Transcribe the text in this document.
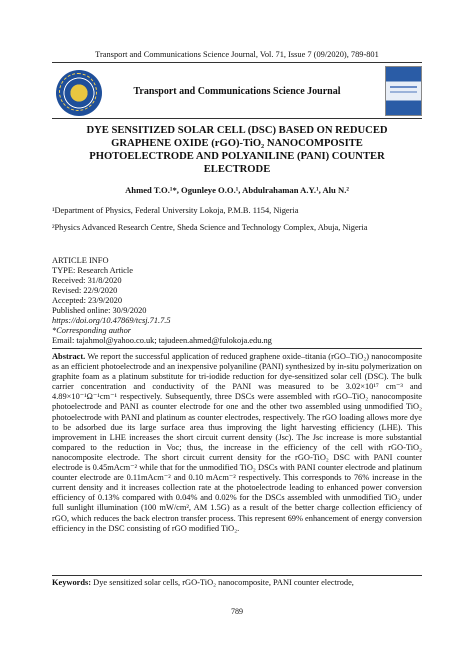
Transport and Communications Science Journal, Vol. 71, Issue 7 (09/2020), 789-801
Transport and Communications Science Journal
DYE SENSITIZED SOLAR CELL (DSC) BASED ON REDUCED GRAPHENE OXIDE (rGO)-TiO₂ NANOCOMPOSITE PHOTOELECTRODE AND POLYANILINE (PANI) COUNTER ELECTRODE
Ahmed T.O.¹*, Ogunleye O.O.¹, Abdulrahaman A.Y.¹, Alu N.²
¹Department of Physics, Federal University Lokoja, P.M.B. 1154, Nigeria
²Physics Advanced Research Centre, Sheda Science and Technology Complex, Abuja, Nigeria
ARTICLE INFO
TYPE: Research Article
Received: 31/8/2020
Revised: 22/9/2020
Accepted: 23/9/2020
Published online: 30/9/2020
https://doi.org/10.47869/tcsj.71.7.5
*Corresponding author
Email: tajahmol@yahoo.co.uk; tajudeen.ahmed@fulokoja.edu.ng
Abstract. We report the successful application of reduced graphene oxide–titania (rGO–TiO₂) nanocomposite as an efficient photoelectrode and an inexpensive polyaniline (PANI) synthesized by in-situ polymerization on graphite foam as a platinum substitute for tri-iodide reduction for dye-sensitized solar cell (DSC). The bulk carrier concentration and conductivity of the PANI was measured to be 3.02×10¹⁷ cm⁻³ and 4.89×10⁻¹Ω⁻¹cm⁻¹ respectively. Subsequently, three DSCs were assembled with rGO–TiO₂ nanocomposite photoelectrode and PANI as counter electrode for one and the other two assembled using unmodified TiO₂ photoelectrode with PANI and platinum as counter electrodes, respectively. The rGO loading allows more dye to be adsorbed due its large surface area thus improving the light harvesting efficiency (LHE). This improvement in LHE increases the short circuit current density (Jsc). The Jsc increase is more substantial compared to the reduction in Voc; thus, the increase in the efficiency of the cell with rGO-TiO₂ nanocomposite electrode. The short circuit current density for the rGO-TiO₂ DSC with PANI counter electrode is 0.45mAcm⁻² while that for the unmodified TiO₂ DSCs with PANI counter electrode and platinum counter electrode are 0.11mAcm⁻² and 0.10 mAcm⁻² respectively. This corresponds to 76% increase in the current density and it increases collection rate at the photoelectrode leading to enhanced power conversion efficiency of 0.13% compared with 0.04% and 0.02% for the DSCs assembled with unmodified TiO₂ under full sunlight illumination (100 mW/cm², AM 1.5G) as a result of the better charge collection efficiency of rGO, which reduces the back electron transfer process. This represent 69% enhancement of energy conversion efficiency in the DSC consisting of rGO modified TiO₂.
Keywords: Dye sensitized solar cells, rGO-TiO₂ nanocomposite, PANI counter electrode,
789
